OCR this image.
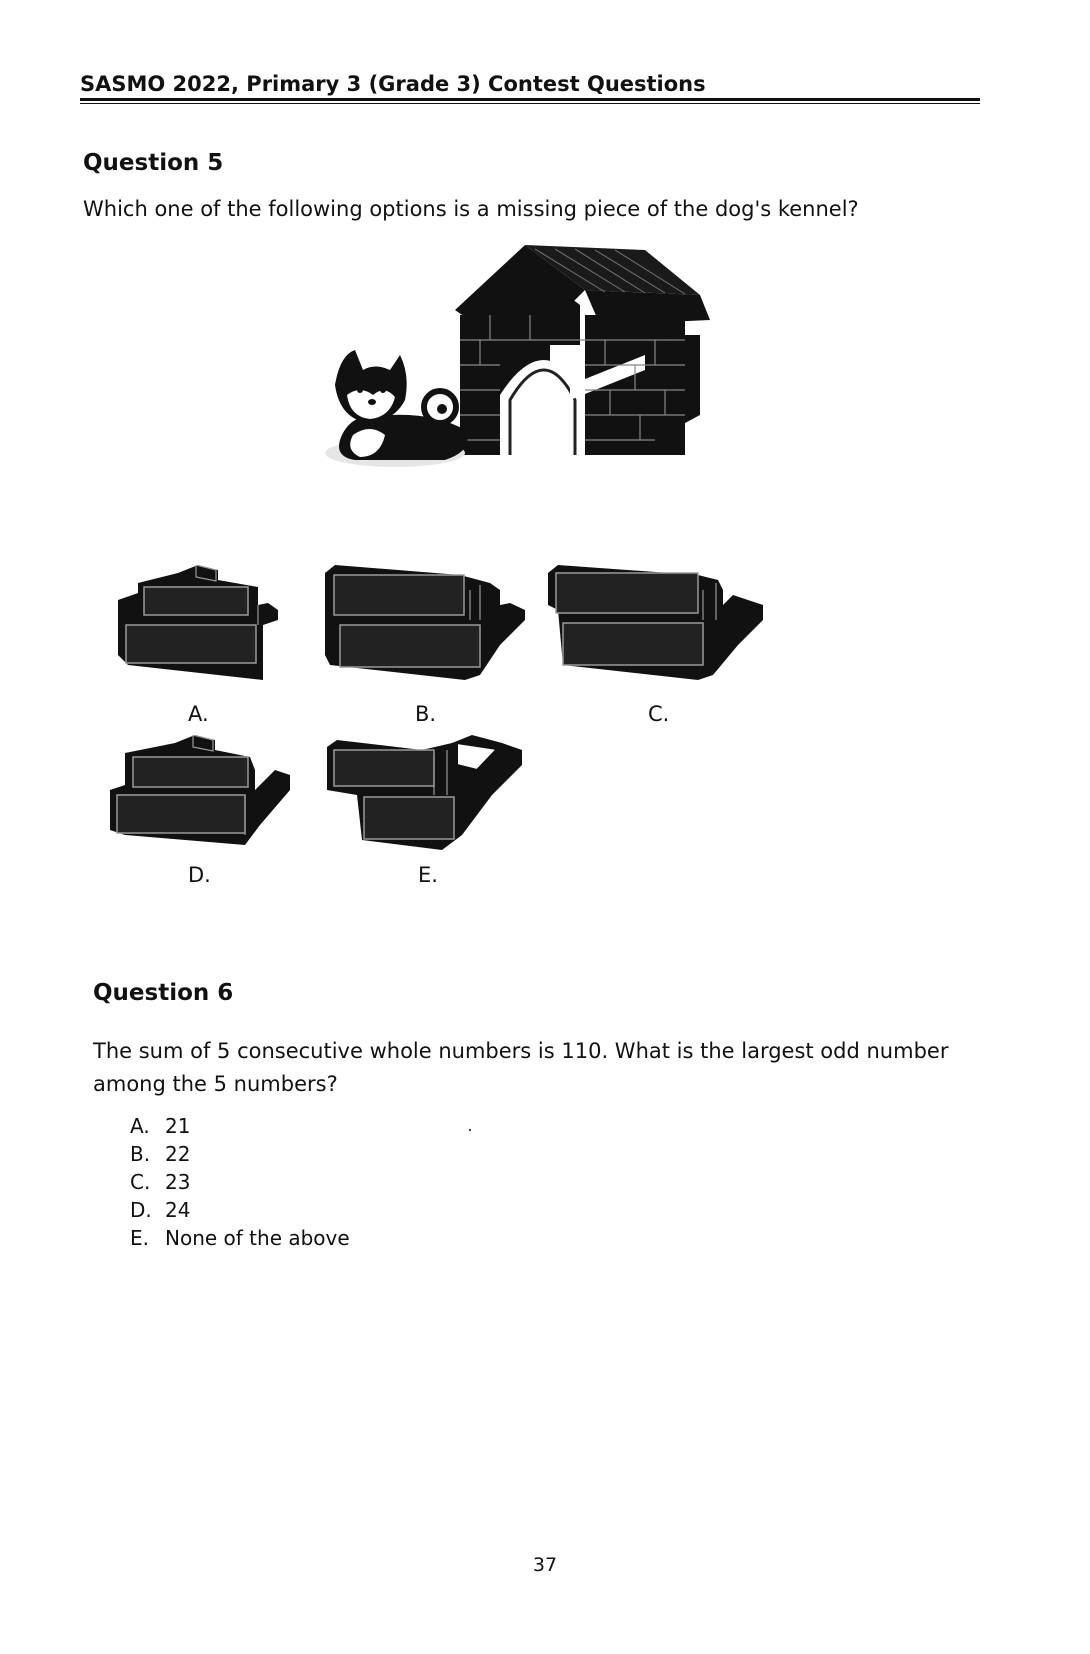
SASMO 2022, Primary 3 (Grade 3) Contest Questions
Question 5
Which one of the following options is a missing piece of the dog's kennel?
A.	B.	C.
D.	E.
Question 6
The sum of 5 consecutive whole numbers is 110. What is the largest odd number
among the 5 numbers?
A. 21
B. 22
C. 23
D. 24
E. None of the above
37
